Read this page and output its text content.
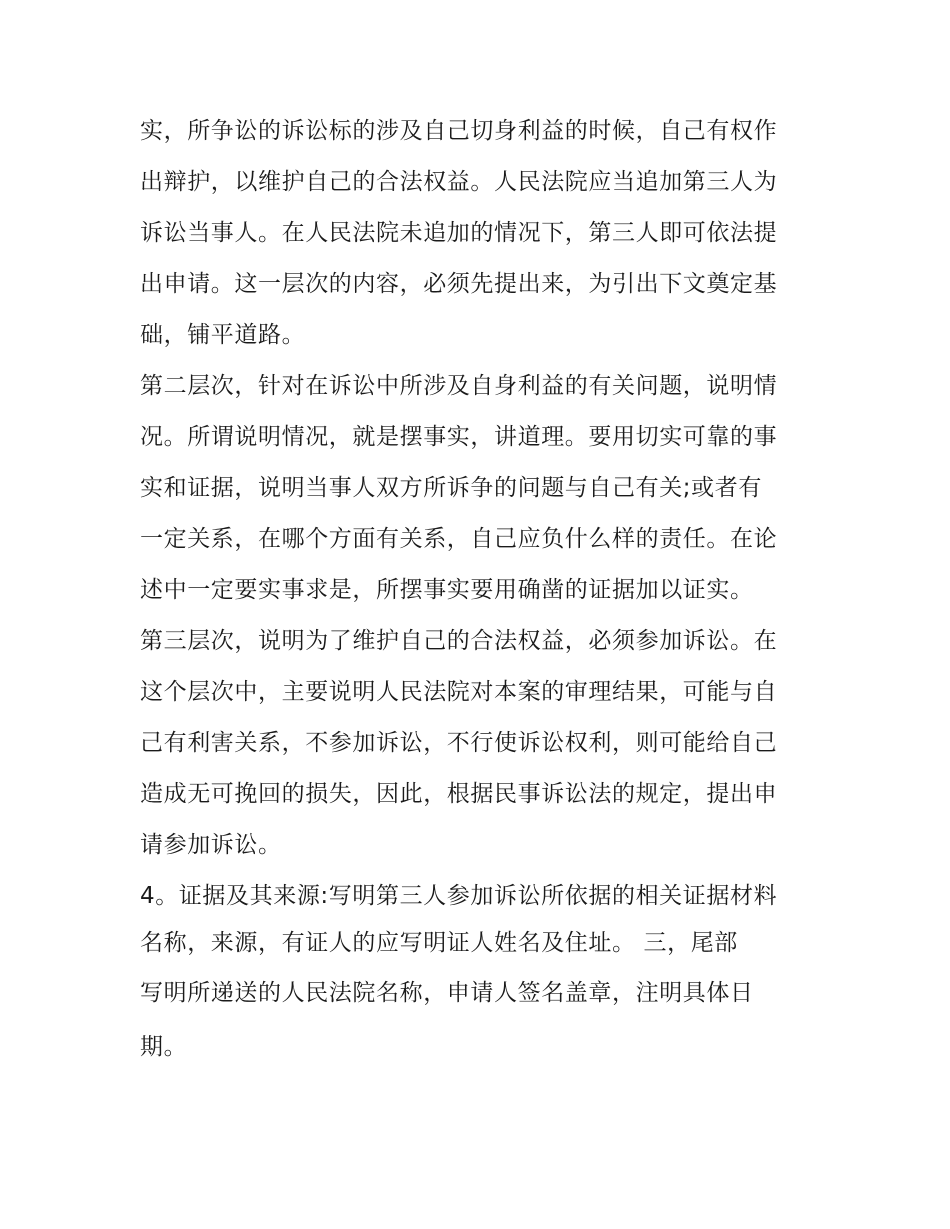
实，所争讼的诉讼标的涉及自己切身利益的时候，自己有权作
出辩护，以维护自己的合法权益。人民法院应当追加第三人为
诉讼当事人。在人民法院未追加的情况下，第三人即可依法提
出申请。这一层次的内容，必须先提出来，为引出下文奠定基
础，铺平道路。
第二层次，针对在诉讼中所涉及自身利益的有关问题，说明情
况。所谓说明情况，就是摆事实，讲道理。要用切实可靠的事
实和证据，说明当事人双方所诉争的问题与自己有关;或者有
一定关系，在哪个方面有关系，自己应负什么样的责任。在论
述中一定要实事求是，所摆事实要用确凿的证据加以证实。
第三层次，说明为了维护自己的合法权益，必须参加诉讼。在
这个层次中，主要说明人民法院对本案的审理结果，可能与自
己有利害关系，不参加诉讼，不行使诉讼权利，则可能给自己
造成无可挽回的损失，因此，根据民事诉讼法的规定，提出申
请参加诉讼。
4。证据及其来源:写明第三人参加诉讼所依据的相关证据材料
名称，来源，有证人的应写明证人姓名及住址。 三，尾部
写明所递送的人民法院名称，申请人签名盖章，注明具体日
期。
